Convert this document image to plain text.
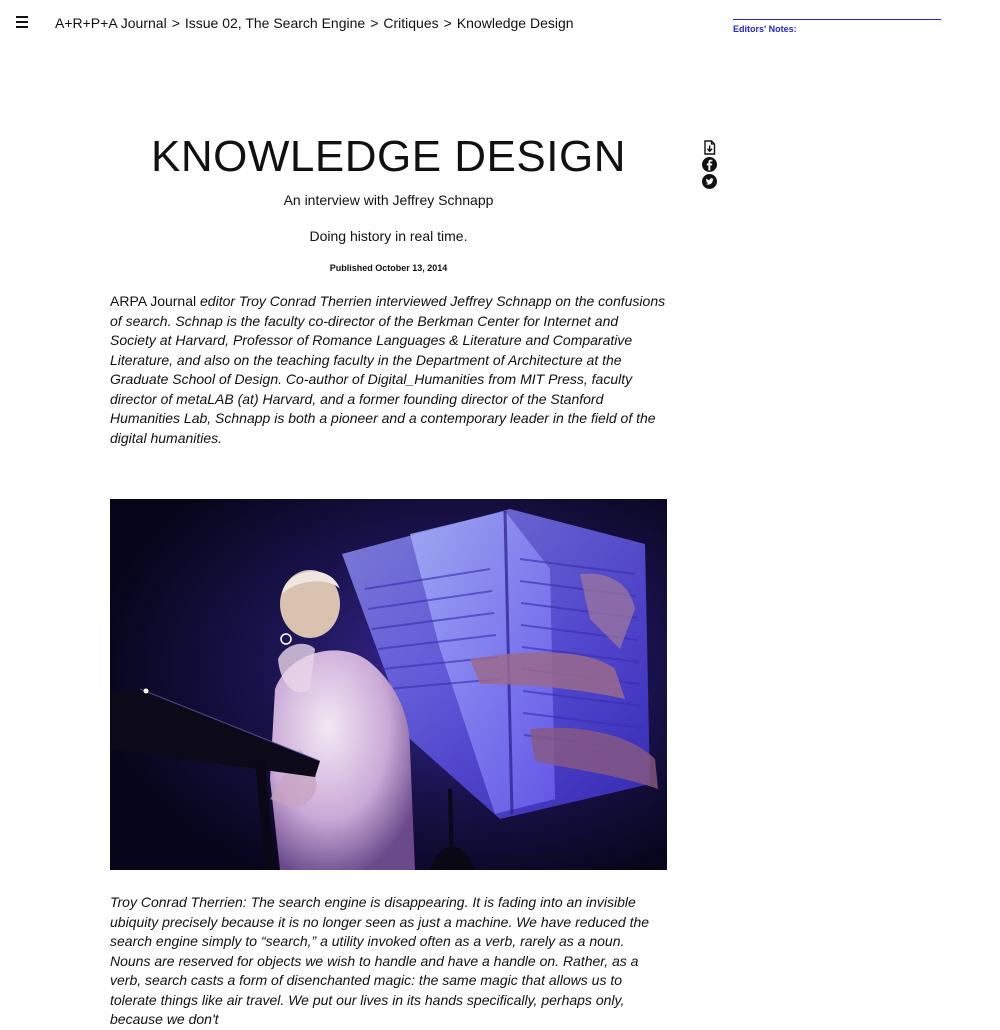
A+R+P+A Journal > Issue 02, The Search Engine > Critiques > Knowledge Design	Editors' Notes:
KNOWLEDGE DESIGN
An interview with Jeffrey Schnapp
Doing history in real time.
Published October 13, 2014

ARPA Journal editor Troy Conrad Therrien interviewed Jeffrey Schnapp on the confusions of search. Schnap is the faculty co-director of the Berkman Center for Internet and Society at Harvard, Professor of Romance Languages & Literature and Comparative Literature, and also on the teaching faculty in the Department of Architecture at the Graduate School of Design. Co-author of Digital_Humanities from MIT Press, faculty director of metaLAB (at) Harvard, and a former founding director of the Stanford Humanities Lab, Schnapp is both a pioneer and a contemporary leader in the field of the digital humanities.

Troy Conrad Therrien: The search engine is disappearing. It is fading into an invisible ubiquity precisely because it is no longer seen as just a machine. We have reduced the search engine simply to “search,” a utility invoked often as a verb, rarely as a noun. Nouns are reserved for objects we wish to handle and have a handle on. Rather, as a verb, search casts a form of disenchanted magic: the same magic that allows us to tolerate things like air travel. We put our lives in its hands specifically, perhaps only, because we don't
